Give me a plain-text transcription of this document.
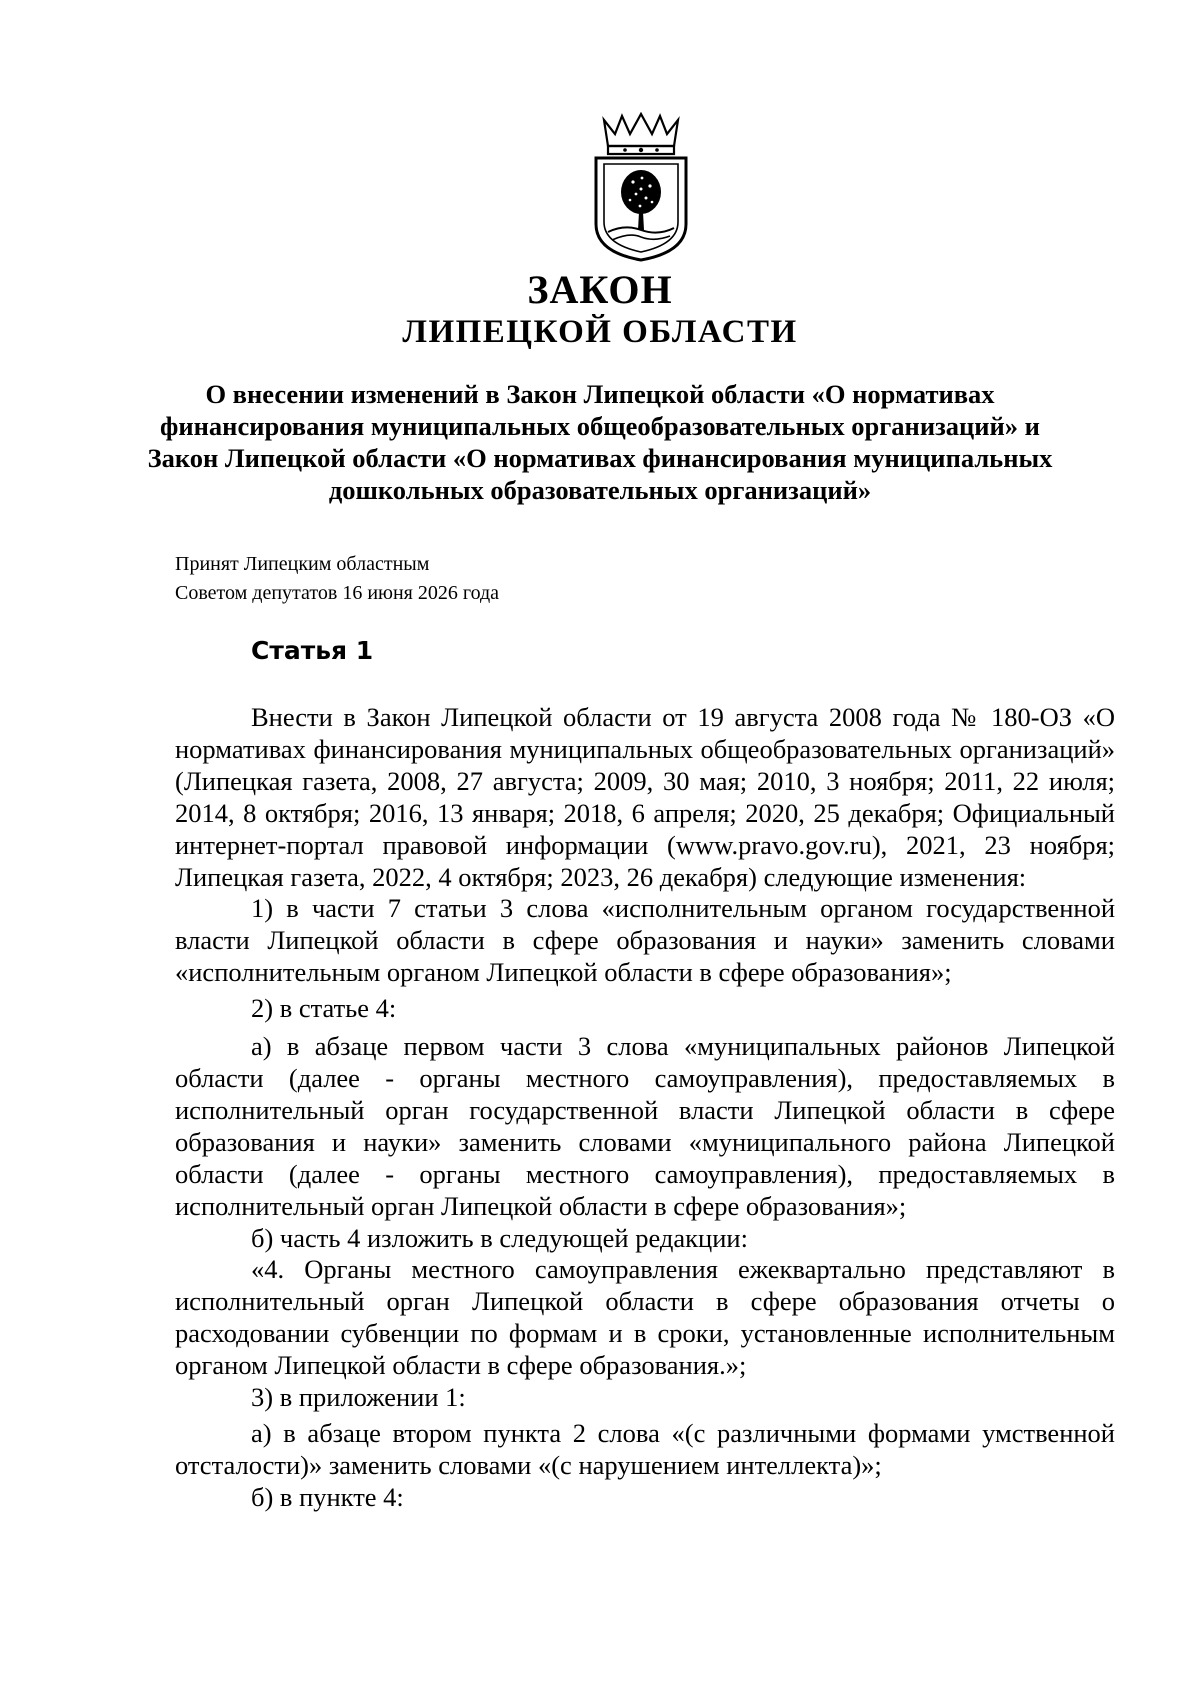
ЗАКОН
ЛИПЕЦКОЙ ОБЛАСТИ
О внесении изменений в Закон Липецкой области «О нормативах финансирования муниципальных общеобразовательных организаций» и Закон Липецкой области «О нормативах финансирования муниципальных дошкольных образовательных организаций»
Принят Липецким областным
Советом депутатов 16 июня 2026 года
Статья 1

Внести в Закон Липецкой области от 19 августа 2008 года № 180-ОЗ «О нормативах финансирования муниципальных общеобразовательных организаций» (Липецкая газета, 2008, 27 августа; 2009, 30 мая; 2010, 3 ноября; 2011, 22 июля; 2014, 8 октября; 2016, 13 января; 2018, 6 апреля; 2020, 25 декабря; Официальный интернет-портал правовой информации (www.pravo.gov.ru), 2021, 23 ноября; Липецкая газета, 2022, 4 октября; 2023, 26 декабря) следующие изменения:

1) в части 7 статьи 3 слова «исполнительным органом государственной власти Липецкой области в сфере образования и науки» заменить словами «исполнительным органом Липецкой области в сфере образования»;

2) в статье 4:

а) в абзаце первом части 3 слова «муниципальных районов Липецкой области (далее - органы местного самоуправления), предоставляемых в исполнительный орган государственной власти Липецкой области в сфере образования и науки» заменить словами «муниципального района Липецкой области (далее - органы местного самоуправления), предоставляемых в исполнительный орган Липецкой области в сфере образования»;

б) часть 4 изложить в следующей редакции:

«4. Органы местного самоуправления ежеквартально представляют в исполнительный орган Липецкой области в сфере образования отчеты о расходовании субвенции по формам и в сроки, установленные исполнительным органом Липецкой области в сфере образования.»;

3) в приложении 1:

а) в абзаце втором пункта 2 слова «(с различными формами умственной отсталости)» заменить словами «(с нарушением интеллекта)»;

б) в пункте 4:
